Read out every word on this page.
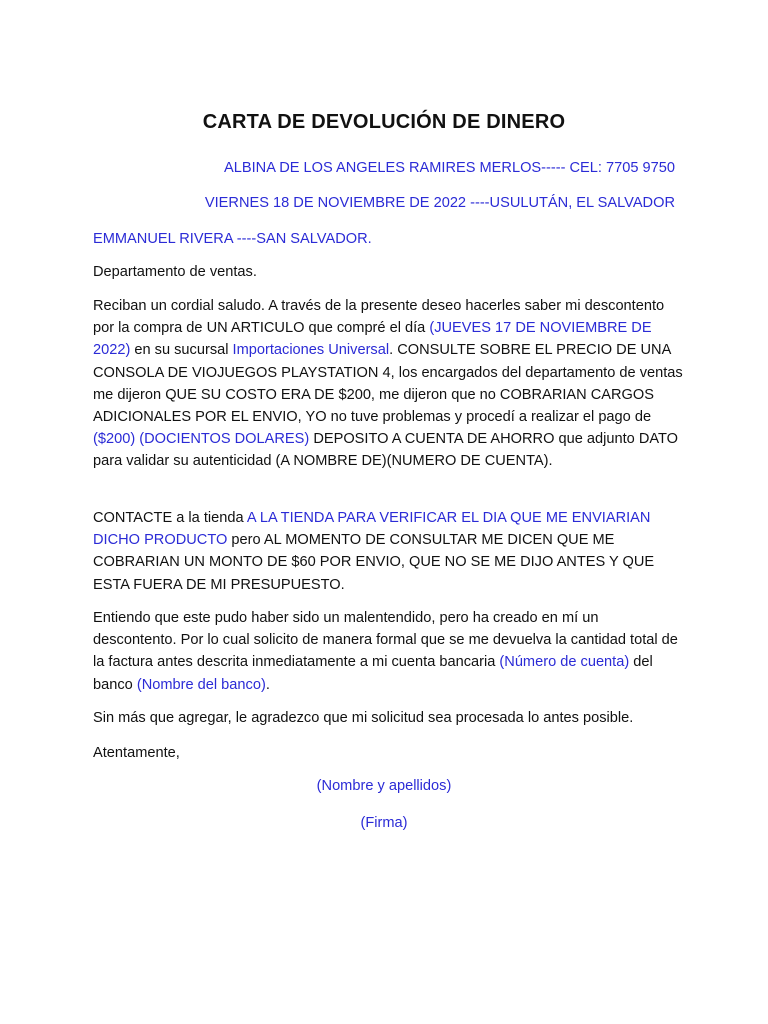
CARTA DE DEVOLUCIÓN DE DINERO
ALBINA DE LOS ANGELES RAMIRES MERLOS----- CEL: 7705 9750
VIERNES 18 DE NOVIEMBRE DE 2022 ----USULUTÁN, EL SALVADOR
EMMANUEL RIVERA ----SAN SALVADOR.
Departamento de ventas.
Reciban un cordial saludo. A través de la presente deseo hacerles saber mi descontento por la compra de UN ARTICULO que compré el día (JUEVES 17 DE NOVIEMBRE DE 2022) en su sucursal Importaciones Universal. CONSULTE SOBRE EL PRECIO DE UNA CONSOLA DE VIOJUEGOS PLAYSTATION 4, los encargados del departamento de ventas me dijeron QUE SU COSTO ERA DE $200, me dijeron que no COBRARIAN CARGOS ADICIONALES POR EL ENVIO, YO no tuve problemas y procedí a realizar el pago de ($200) (DOCIENTOS DOLARES) DEPOSITO A CUENTA DE AHORRO que adjunto DATO para validar su autenticidad (A NOMBRE DE)(NUMERO DE CUENTA).
CONTACTE a la tienda A LA TIENDA PARA VERIFICAR EL DIA QUE ME ENVIARIAN DICHO PRODUCTO pero AL MOMENTO DE CONSULTAR ME DICEN QUE ME COBRARIAN UN MONTO DE $60 POR ENVIO, QUE NO SE ME DIJO ANTES Y QUE ESTA FUERA DE MI PRESUPUESTO.
Entiendo que este pudo haber sido un malentendido, pero ha creado en mí un descontento. Por lo cual solicito de manera formal que se me devuelva la cantidad total de la factura antes descrita inmediatamente a mi cuenta bancaria (Número de cuenta) del banco (Nombre del banco).
Sin más que agregar, le agradezco que mi solicitud sea procesada lo antes posible.
Atentamente,
(Nombre y apellidos)
(Firma)
